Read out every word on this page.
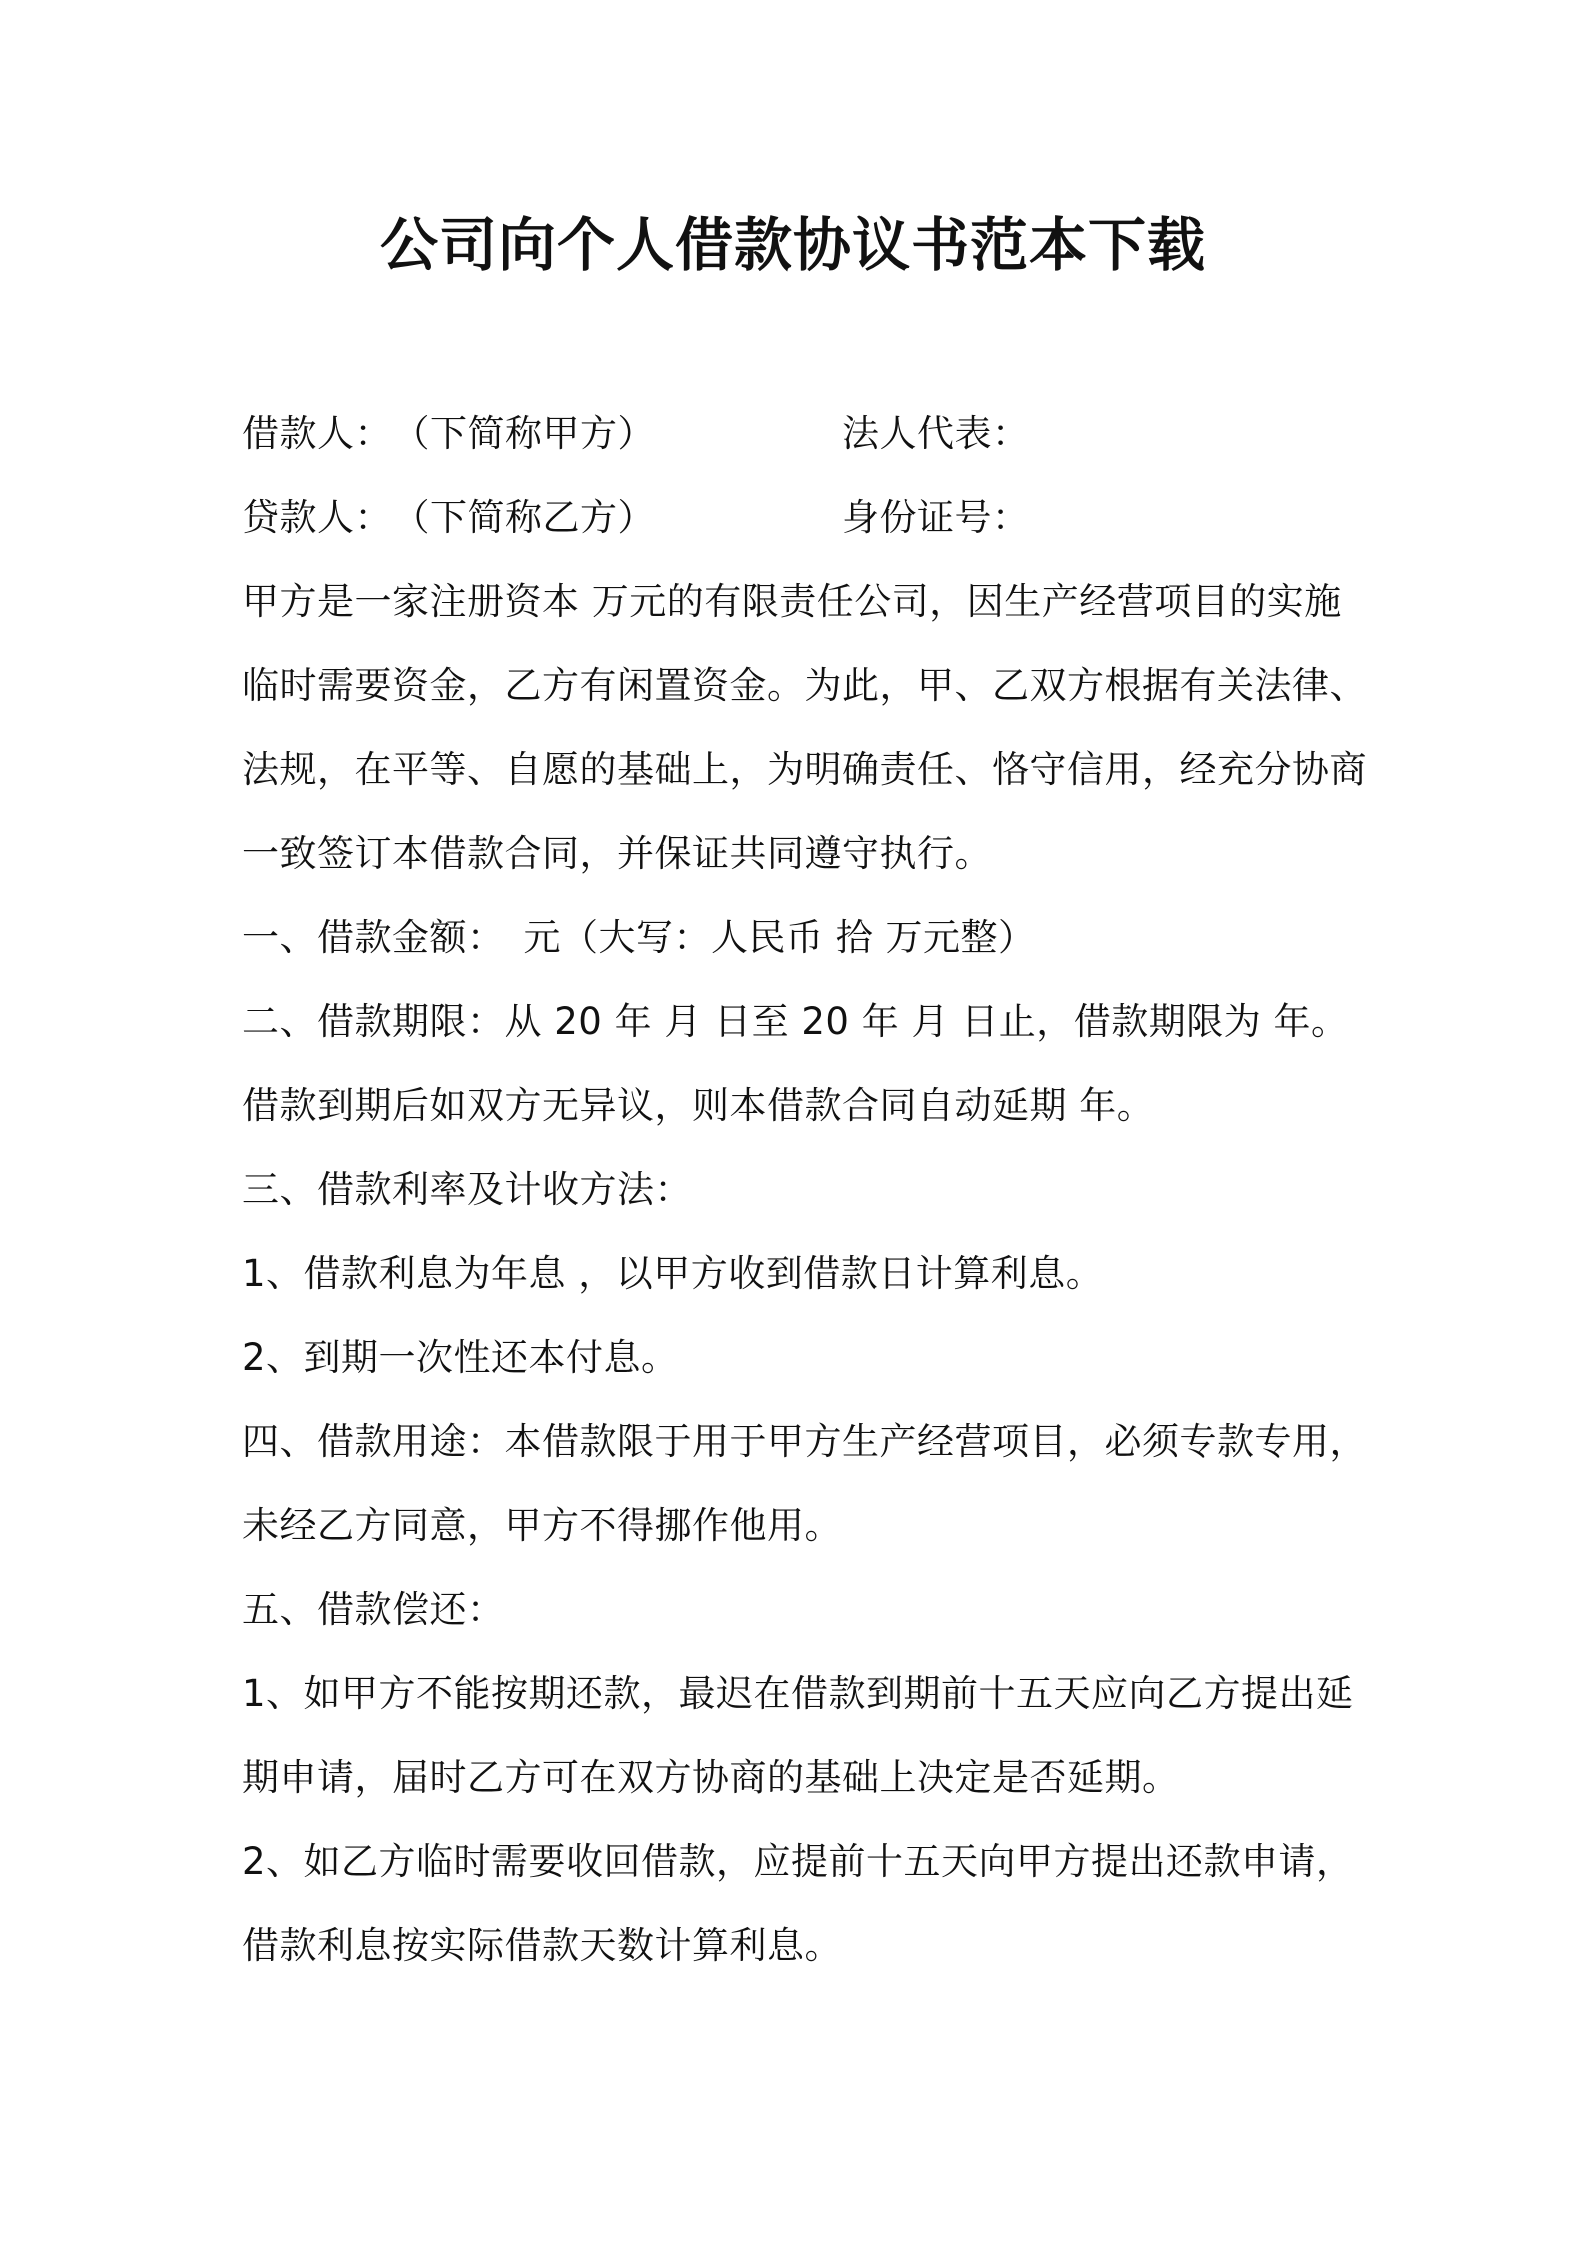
公司向个人借款协议书范本下载
借款人：　（下简称甲方）	法人代表：
贷款人：　（下简称乙方）	身份证号：
甲方是一家注册资本 万元的有限责任公司，因生产经营项目的实施
临时需要资金，乙方有闲置资金。为此，甲、乙双方根据有关法律、
法规，在平等、自愿的基础上，为明确责任、恪守信用，经充分协商
一致签订本借款合同，并保证共同遵守执行。
一、借款金额：　元（大写：人民币 拾 万元整）
二、借款期限：从 20 年 月 日至 20 年 月 日止，借款期限为 年。
借款到期后如双方无异议，则本借款合同自动延期 年。
三、借款利率及计收方法：
1、借款利息为年息 ，以甲方收到借款日计算利息。
2、到期一次性还本付息。
四、借款用途：本借款限于用于甲方生产经营项目，必须专款专用，
未经乙方同意，甲方不得挪作他用。
五、借款偿还：
1、如甲方不能按期还款，最迟在借款到期前十五天应向乙方提出延
期申请，届时乙方可在双方协商的基础上决定是否延期。
2、如乙方临时需要收回借款，应提前十五天向甲方提出还款申请，
借款利息按实际借款天数计算利息。
